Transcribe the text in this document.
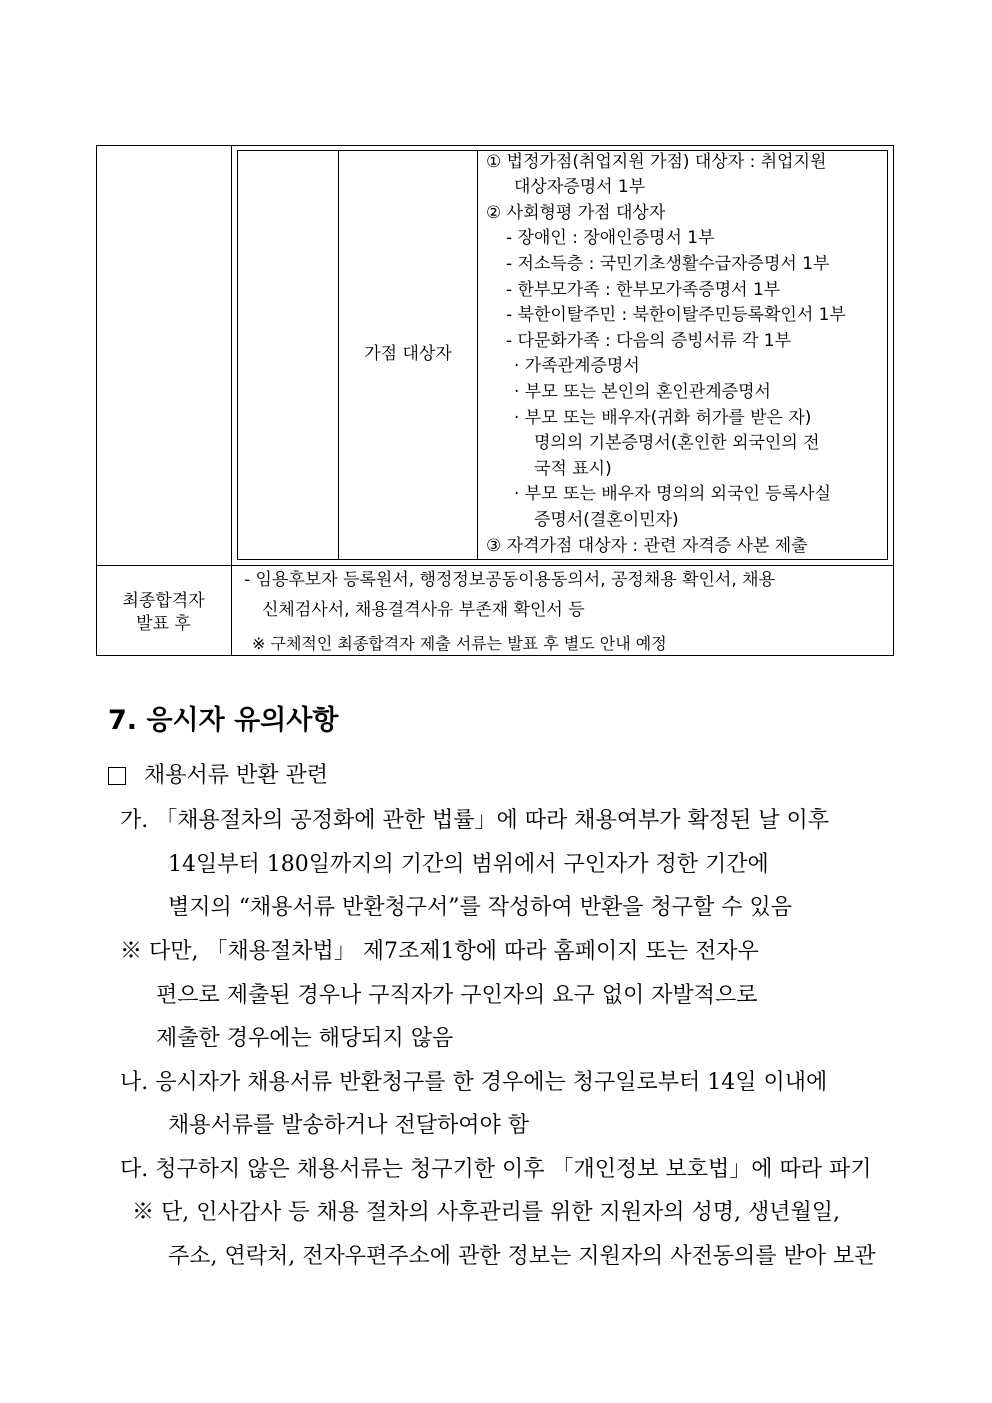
가점 대상자
① 법정가점(취업지원 가점) 대상자 : 취업지원
대상자증명서 1부
② 사회형평 가점 대상자
- 장애인 : 장애인증명서 1부
- 저소득층 : 국민기초생활수급자증명서 1부
- 한부모가족 : 한부모가족증명서 1부
- 북한이탈주민 : 북한이탈주민등록확인서 1부
- 다문화가족 : 다음의 증빙서류 각 1부
· 가족관계증명서
· 부모 또는 본인의 혼인관계증명서
· 부모 또는 배우자(귀화 허가를 받은 자)
명의의 기본증명서(혼인한 외국인의 전
국적 표시)
· 부모 또는 배우자 명의의 외국인 등록사실
증명서(결혼이민자)
③ 자격가점 대상자 : 관련 자격증 사본 제출
최종합격자
발표 후
- 임용후보자 등록원서, 행정정보공동이용동의서, 공정채용 확인서, 채용
신체검사서, 채용결격사유 부존재 확인서 등
※ 구체적인 최종합격자 제출 서류는 발표 후 별도 안내 예정
7. 응시자 유의사항
채용서류 반환 관련
가. 「채용절차의 공정화에 관한 법률」에 따라 채용여부가 확정된 날 이후
14일부터 180일까지의 기간의 범위에서 구인자가 정한 기간에
별지의 “채용서류 반환청구서”를 작성하여 반환을 청구할 수 있음
※ 다만, 「채용절차법」 제7조제1항에 따라 홈페이지 또는 전자우
편으로 제출된 경우나 구직자가 구인자의 요구 없이 자발적으로
제출한 경우에는 해당되지 않음
나. 응시자가 채용서류 반환청구를 한 경우에는 청구일로부터 14일 이내에
채용서류를 발송하거나 전달하여야 함
다. 청구하지 않은 채용서류는 청구기한 이후 「개인정보 보호법」에 따라 파기
※ 단, 인사감사 등 채용 절차의 사후관리를 위한 지원자의 성명, 생년월일,
주소, 연락처, 전자우편주소에 관한 정보는 지원자의 사전동의를 받아 보관
